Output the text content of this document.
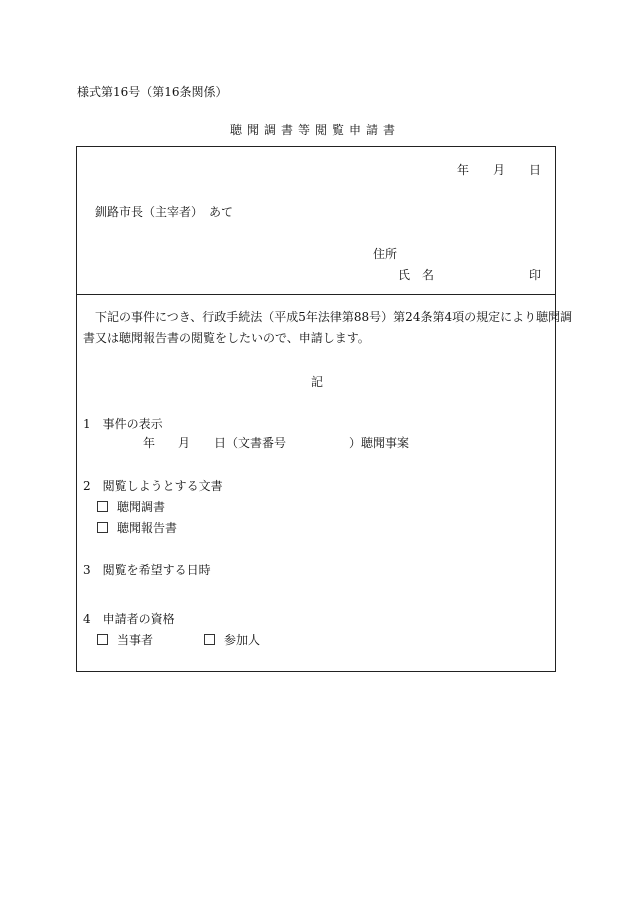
様式第16号（第16条関係）
聴聞調書等閲覧申請書
年 月 日
釧路市長（主宰者）　あて
住所
氏　名	印
下記の事件につき、行政手続法（平成5年法律第88号）第24条第4項の規定により聴聞調
書又は聴聞報告書の閲覧をしたいので、申請します。
記
1　事件の表示
年 月 日（文書番号	）聴聞事案
2　閲覧しようとする文書
聴聞調書
聴聞報告書
3　閲覧を希望する日時
4　申請者の資格
当事者	参加人
